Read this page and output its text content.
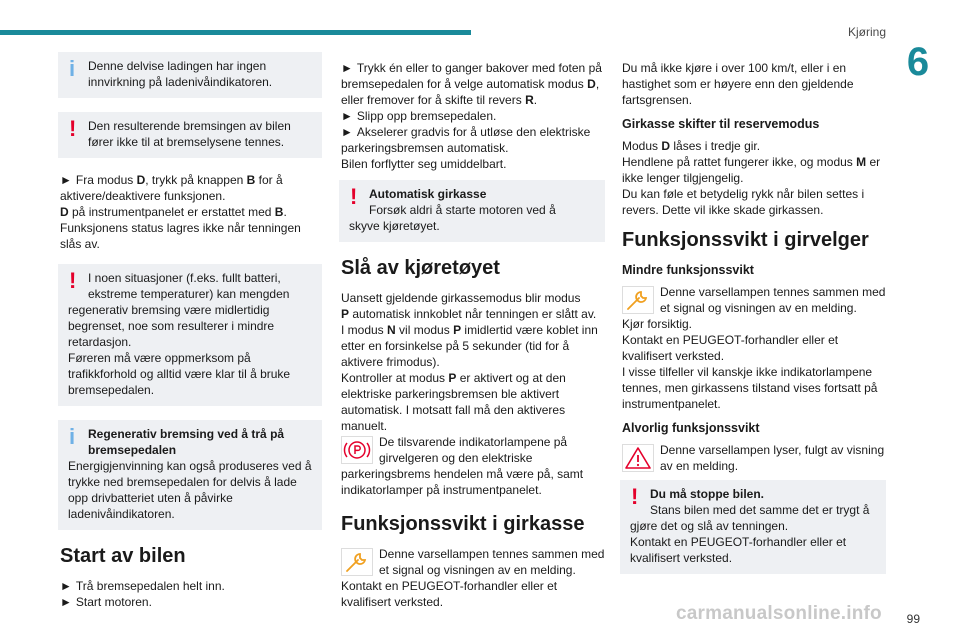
Kjøring
6
i Denne delvise ladingen har ingen innvirkning på ladenivåindikatoren.

! Den resulterende bremsingen av bilen fører ikke til at bremselysene tennes.

► Fra modus D, trykk på knappen B for å aktivere/deaktivere funksjonen.
D på instrumentpanelet er erstattet med B.
Funksjonens status lagres ikke når tenningen slås av.

! I noen situasjoner (f.eks. fullt batteri, ekstreme temperaturer) kan mengden

regenerativ bremsing være midlertidig begrenset, noe som resulterer i mindre retardasjon.

Føreren må være oppmerksom på trafikkforhold og alltid være klar til å bruke bremsepedalen.

i Regenerativ bremsing ved å trå på bremsepedalen

Energigjenvinning kan også produseres ved å trykke ned bremsepedalen for delvis å lade opp drivbatteriet uten å påvirke ladenivåindikatoren.

Start av bilen

► Trå bremsepedalen helt inn.

► Start motoren.

► Trykk én eller to ganger bakover med foten på bremsepedalen for å velge automatisk modus D, eller fremover for å skifte til revers R.

► Slipp opp bremsepedalen.

► Akselerer gradvis for å utløse den elektriske parkeringsbremsen automatisk.

Bilen forflytter seg umiddelbart.

! Automatisk girkasse

Forsøk aldri å starte motoren ved å

skyve kjøretøyet.

Slå av kjøretøyet

Uansett gjeldende girkassemodus blir modus

P automatisk innkoblet når tenningen er slått av.

I modus N vil modus P imidlertid være koblet inn etter en forsinkelse på 5 sekunder (tid for å aktivere frimodus).

Kontroller at modus P er aktivert og at den elektriske parkeringsbremsen ble aktivert automatisk. I motsatt fall må den aktiveres manuelt.

De tilsvarende indikatorlampene på girvelgeren og den elektriske

parkeringsbrems hendelen må være på, samt indikatorlamper på instrumentpanelet.

Funksjonssvikt i girkasse

Denne varsellampen tennes sammen med et signal og visningen av en melding.

Kontakt en PEUGEOT-forhandler eller et kvalifisert verksted.

Du må ikke kjøre i over 100 km/t, eller i en hastighet som er høyere enn den gjeldende fartsgrensen.

Girkasse skifter til reservemodus

Modus D låses i tredje gir.

Hendlene på rattet fungerer ikke, og modus M er ikke lenger tilgjengelig.

Du kan føle et betydelig rykk når bilen settes i revers. Dette vil ikke skade girkassen.

Funksjonssvikt i girvelger
Mindre funksjonssvikt

Denne varsellampen tennes sammen med et signal og visningen av en melding.

Kjør forsiktig.

Kontakt en PEUGEOT-forhandler eller et kvalifisert verksted.

I visse tilfeller vil kanskje ikke indikatorlampene tennes, men girkassens tilstand vises fortsatt på instrumentpanelet.

Alvorlig funksjonssvikt

Denne varsellampen lyser, fulgt av visning av en melding.

! Du må stoppe bilen.

Stans bilen med det samme det er trygt å

gjøre det og slå av tenningen.

Kontakt en PEUGEOT-forhandler eller et kvalifisert verksted.

carmanualsonline.info 99
